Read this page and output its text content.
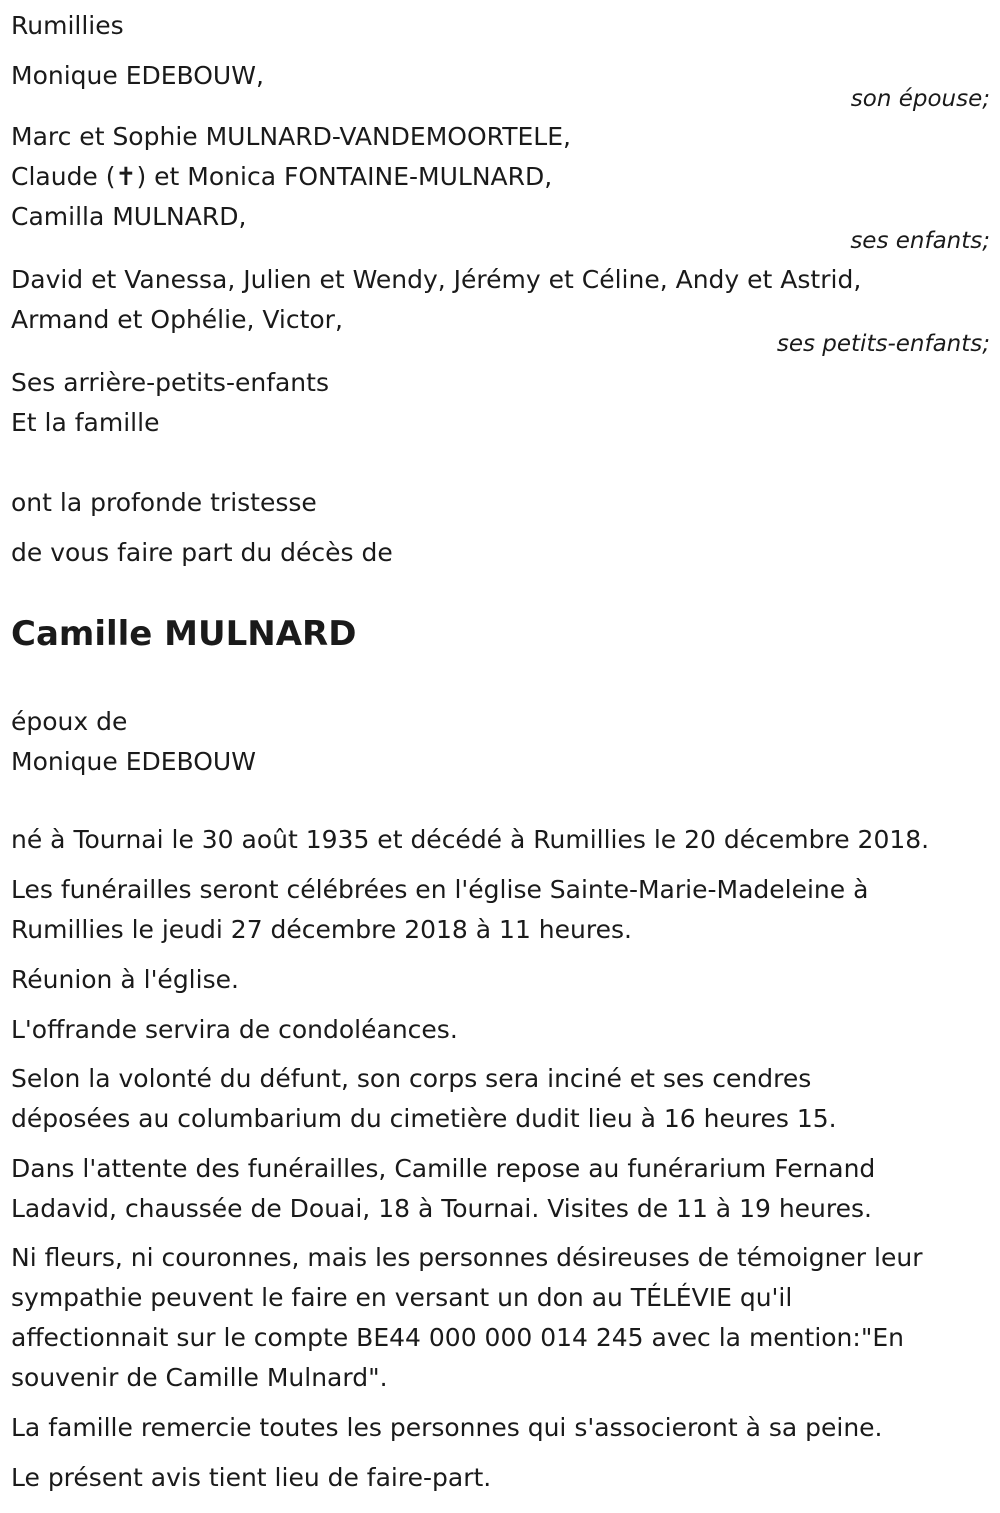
Rumillies
Monique EDEBOUW,
son épouse;
Marc et Sophie MULNARD-VANDEMOORTELE,
Claude (✝) et Monica FONTAINE-MULNARD,
Camilla MULNARD,
ses enfants;
David et Vanessa, Julien et Wendy, Jérémy et Céline, Andy et Astrid,
Armand et Ophélie, Victor,
ses petits-enfants;
Ses arrière-petits-enfants
Et la famille
ont la profonde tristesse
de vous faire part du décès de
Camille MULNARD
époux de
Monique EDEBOUW
né à Tournai le 30 août 1935 et décédé à Rumillies le 20 décembre 2018.
Les funérailles seront célébrées en l'église Sainte-Marie-Madeleine à
Rumillies le jeudi 27 décembre 2018 à 11 heures.
Réunion à l'église.
L'offrande servira de condoléances.
Selon la volonté du défunt, son corps sera inciné et ses cendres
déposées au columbarium du cimetière dudit lieu à 16 heures 15.
Dans l'attente des funérailles, Camille repose au funérarium Fernand
Ladavid, chaussée de Douai, 18 à Tournai. Visites de 11 à 19 heures.
Ni fleurs, ni couronnes, mais les personnes désireuses de témoigner leur
sympathie peuvent le faire en versant un don au TÉLÉVIE qu'il
affectionnait sur le compte BE44 000 000 014 245 avec la mention:"En
souvenir de Camille Mulnard".
La famille remercie toutes les personnes qui s'associeront à sa peine.
Le présent avis tient lieu de faire-part.
